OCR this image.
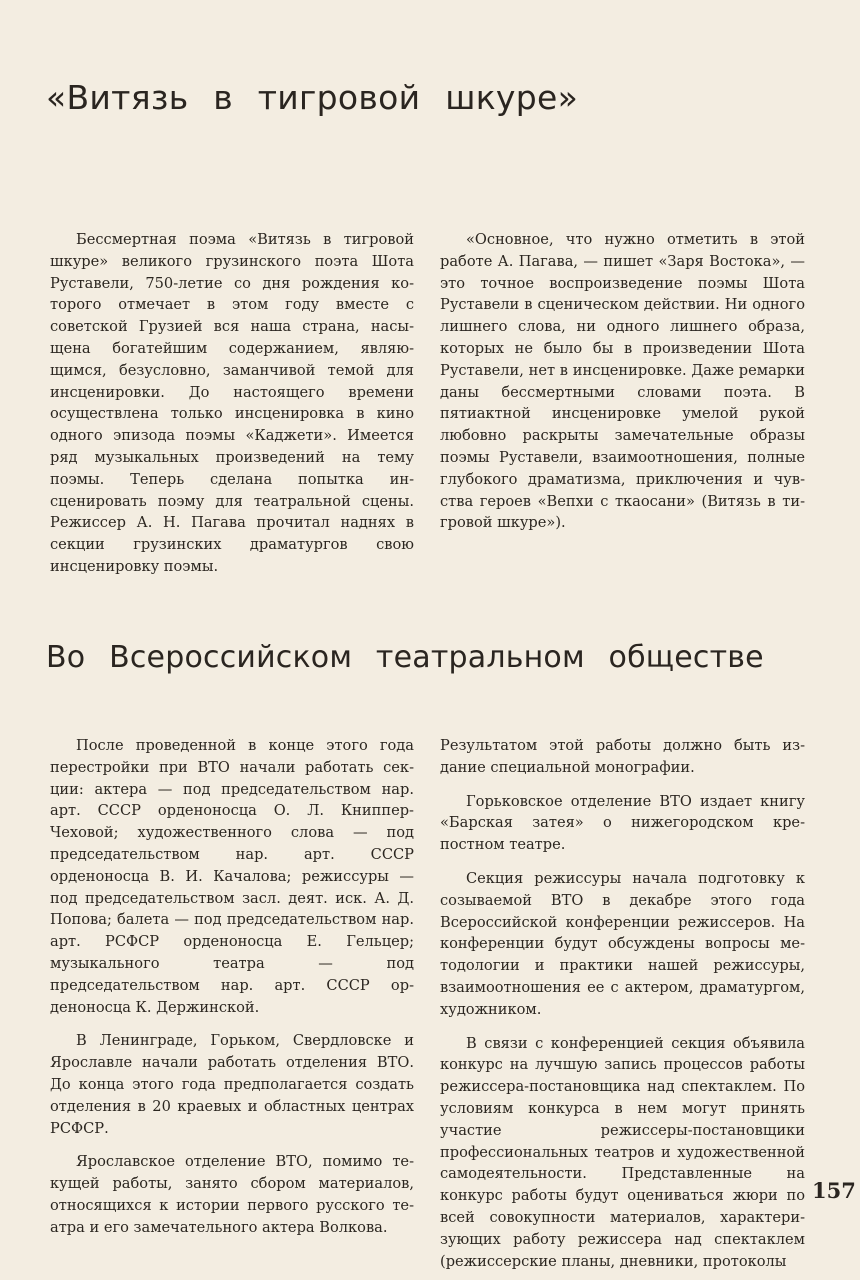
«Витязь в тигровой шкуре»

Бессмертная поэма «Витязь в тигровой шкуре» великого грузинского поэта Шота Руставели, 750-летие со дня рождения которого отмечает в этом году вместе с советской Грузией вся наша страна, насыщена богатейшим содержанием, являющимся, безусловно, заманчивой темой для инсценировки. До настоящего времени осуществлена только инсценировка в кино одного эпизода поэмы «Каджети». Имеется ряд музыкальных произведений на тему поэмы. Теперь сделана попытка инсценировать поэму для театральной сцены. Режиссер А. Н. Пагава прочитал наднях в секции грузинских драматургов свою инсценировку поэмы.

«Основное, что нужно отметить в этой работе А. Пагава, — пишет «Заря Востока», — это точное воспроизведение поэмы Шота Руставели в сценическом действии. Ни одного лишнего слова, ни одного лишнего образа, которых не было бы в произведении Шота Руставели, нет в инсценировке. Даже ремарки даны бессмертными словами поэта. В пятиактной инсценировке умелой рукой любовно раскрыты замечательные образы поэмы Руставели, взаимоотношения, полные глубокого драматизма, приключения и чувства героев «Вепхи с ткаосани» (Витязь в тигровой шкуре»).

Во Всероссийском театральном обществе

После проведенной в конце этого года перестройки при ВТО начали работать секции: актера — под председательством нар. арт. СССР орденоносца О. Л. Книппер-Чеховой; художественного слова — под председательством нар. арт. СССР орденоносца В. И. Качалова; режиссуры — под председательством засл. деят. иск. А. Д. Попова; балета — под председательством нар. арт. РСФСР орденоносца Е. Гельцер; музыкального театра — под председательством нар. арт. СССР орденоносца К. Держинской.

В Ленинграде, Горьком, Свердловске и Ярославле начали работать отделения ВТО. До конца этого года предполагается создать отделения в 20 краевых и областных центрах РСФСР.

Ярославское отделение ВТО, помимо текущей работы, занято сбором материалов, относящихся к истории первого русского театра и его замечательного актера Волкова.

Результатом этой работы должно быть издание специальной монографии.

Горьковское отделение ВТО издает книгу «Барская затея» о нижегородском крепостном театре.

Секция режиссуры начала подготовку к созываемой ВТО в декабре этого года Всероссийской конференции режиссеров. На конференции будут обсуждены вопросы методологии и практики нашей режиссуры, взаимоотношения ее с актером, драматургом, художником.

В связи с конференцией секция объявила конкурс на лучшую запись процессов работы режиссера-постановщика над спектаклем. По условиям конкурса в нем могут принять участие режиссеры-постановщики профессиональных театров и художественной самодеятельности. Представленные на конкурс работы будут оцениваться жюри по всей совокупности материалов, характеризующих работу режиссера над спектаклем (режиссерские планы, дневники, протоколы

157
